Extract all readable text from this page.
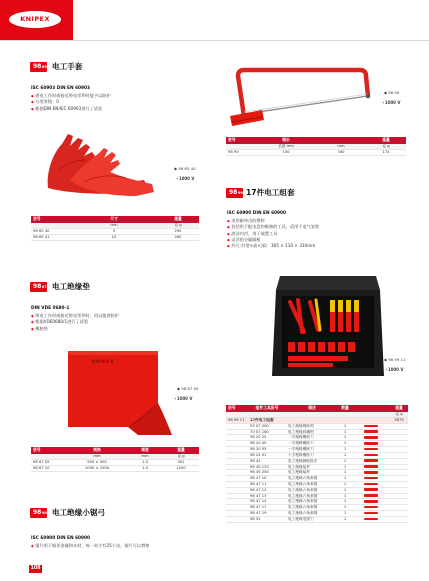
KNIPEX
98 65 电工手套
ISC 60903 DIN EN 60903
◆ 带电工作时或接近带电零件时能予以防护
◆ 分类等级：0
◆ 根据DIN EN/IEC 60903进行了试验
◆ 98 65 40
⚡1000 V
货号	尺寸	重量
	mm	克 g
98 65 40	9	290
98 65 41	10	260
98 67 电工绝缘垫
DIN VDE 0680-1
◆ 带电工作时或接近带电零件时，用以提供防护
◆ 根据VDE0680/1进行了试验
◆ 橡胶垫
KNIPEX
◆ 98 67 05
⚡1000 V
货号	规格	厚度	重量
	mm	mm	克 g
98 67 05	500 × 500	1.0	301
98 67 10	1000 × 1000	1.0	1200
98 90 电工绝缘小锯弓
ISC 60900 DIN EN 60900
◆ 锯片用于锯切金属和木材，每一英寸有25个齿，锯片可以替换
◆ 98 90
⚡1000 V
货号	锯长		重量
	长度 mm	mm	克 g
98 90	150	340	174
98 99 17件电工组套
ISC 60900 DIN EN 60900
◆ 采用耐冲击的塑料
◆ 包括用于配电盘和维修的工具，适用于电气安装
◆ 泡沫内衬，用于放置工具
◆ 灵活的分隔隔板
◆ 外尺寸(宽×高×深)：365 × 110 × 310mm
◆ 98 99 11
⚡1000 V
货号	组件工具货号	描述	数量		重量
					克 g
98 99 11	17件电工组套				3675
	03 07 200	电工绝缘钢丝钳	1		
	70 07 160	电工绝缘斜嘴钳	1		
	98 20 25	一字绝缘螺丝刀	1		
	98 20 40	一字绝缘螺丝刀	1		
	98 20 55	一字绝缘螺丝刀	1		
	98 24 01	十字绝缘螺丝刀	1		
	98 42	电工绝缘棘轮扳手	1		
	98 45 125	电工绝缘接杆	1		
	98 45 250	电工绝缘接杆	1		
	98 47 10	电工绝缘六角套筒	1		
	98 47 11	电工绝缘六角套筒	1		
	98 47 12	电工绝缘六角套筒	1		
	98 47 13	电工绝缘六角套筒	1		
	98 47 14	电工绝缘六角套筒	1		
	98 47 17	电工绝缘六角套筒	1		
	98 47 19	电工绝缘六角套筒	1		
	98 52	电工绝缘电缆刀	1		
108
